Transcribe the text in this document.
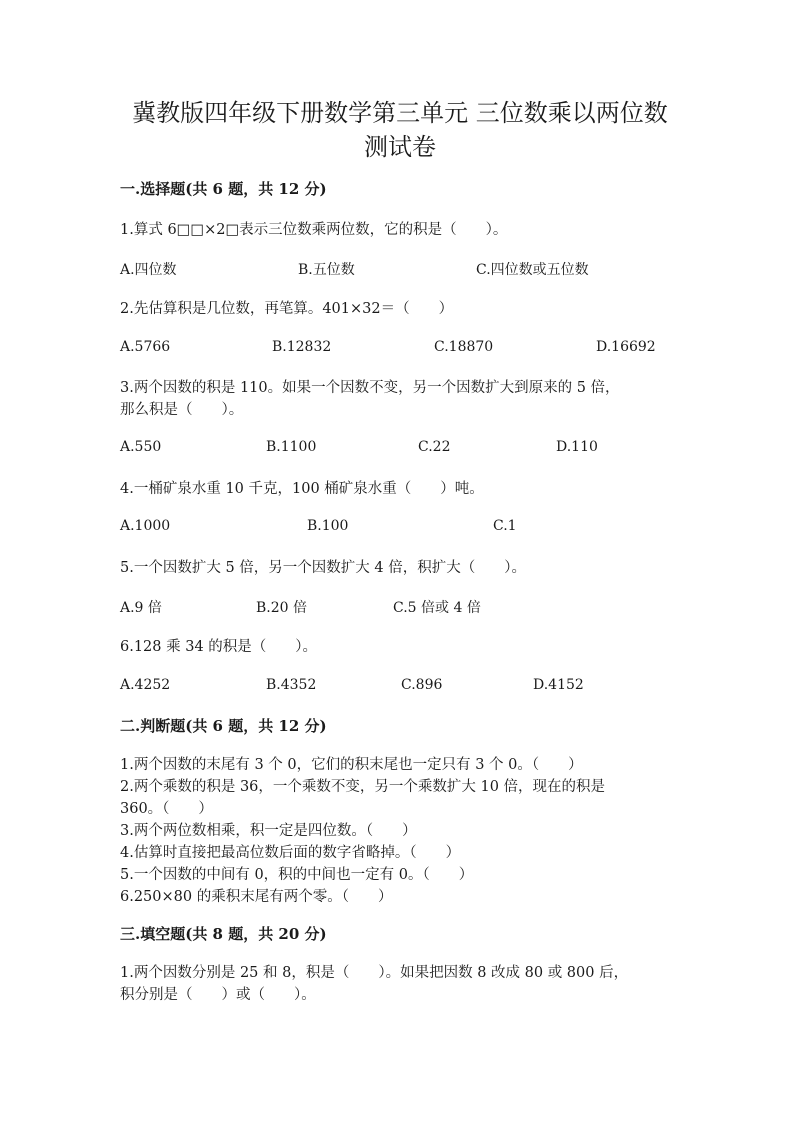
冀教版四年级下册数学第三单元 三位数乘以两位数
测试卷
一.选择题(共 6 题，共 12 分)
1.算式 6□□×2□表示三位数乘两位数，它的积是（　　）。
A.四位数	B.五位数	C.四位数或五位数
2.先估算积是几位数，再笔算。401×32＝（　　）
A.5766	B.12832	C.18870	D.16692
3.两个因数的积是 110。如果一个因数不变，另一个因数扩大到原来的 5 倍，
那么积是（　　）。
A.550	B.1100	C.22	D.110
4.一桶矿泉水重 10 千克，100 桶矿泉水重（　　）吨。
A.1000	B.100	C.1
5.一个因数扩大 5 倍，另一个因数扩大 4 倍，积扩大（　　）。
A.9 倍	B.20 倍	C.5 倍或 4 倍
6.128 乘 34 的积是（　　）。
A.4252	B.4352	C.896	D.4152
二.判断题(共 6 题，共 12 分)
1.两个因数的末尾有 3 个 0，它们的积末尾也一定只有 3 个 0。（　　）
2.两个乘数的积是 36，一个乘数不变，另一个乘数扩大 10 倍，现在的积是
360。（　　）
3.两个两位数相乘，积一定是四位数。（　　）
4.估算时直接把最高位数后面的数字省略掉。（　　）
5.一个因数的中间有 0，积的中间也一定有 0。（　　）
6.250×80 的乘积末尾有两个零。（　　）
三.填空题(共 8 题，共 20 分)
1.两个因数分别是 25 和 8，积是（　　）。如果把因数 8 改成 80 或 800 后，
积分别是（　　）或（　　）。
